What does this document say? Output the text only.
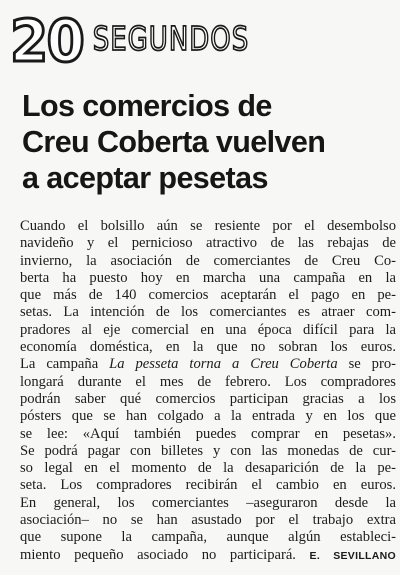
20 SEGUNDOS
Los comercios de
Creu Coberta vuelven
a aceptar pesetas
Cuando el bolsillo aún se resiente por el desembolso
navideño y el pernicioso atractivo de las rebajas de
invierno, la asociación de comerciantes de Creu Co-
berta ha puesto hoy en marcha una campaña en la
que más de 140 comercios aceptarán el pago en pe-
setas. La intención de los comerciantes es atraer com-
pradores al eje comercial en una época difícil para la
economía doméstica, en la que no sobran los euros.
La campaña La pesseta torna a Creu Coberta se pro-
longará durante el mes de febrero. Los compradores
podrán saber qué comercios participan gracias a los
pósters que se han colgado a la entrada y en los que
se lee: «Aquí también puedes comprar en pesetas».
Se podrá pagar con billetes y con las monedas de cur-
so legal en el momento de la desaparición de la pe-
seta. Los compradores recibirán el cambio en euros.
En general, los comerciantes –aseguraron desde la
asociación– no se han asustado por el trabajo extra
que supone la campaña, aunque algún estableci-
miento pequeño asociado no participará. E. SEVILLANO
